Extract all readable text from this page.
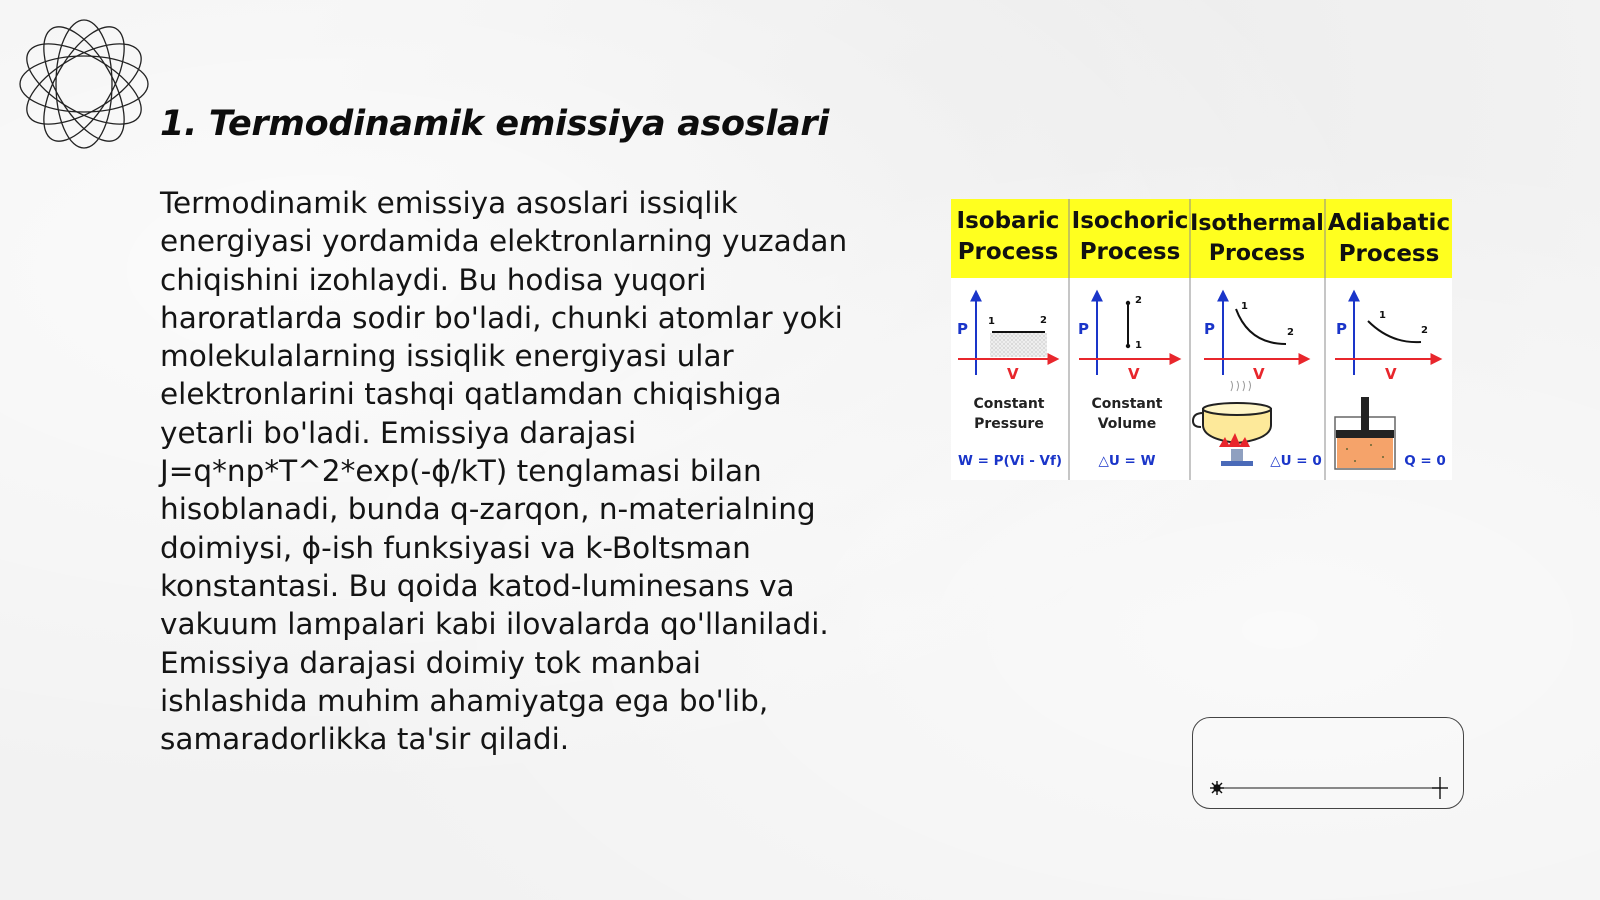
1. Termodinamik emissiya asoslari

Termodinamik emissiya asoslari issiqlik energiyasi yordamida elektronlarning yuzadan chiqishini izohlaydi. Bu hodisa yuqori haroratlarda sodir bo'ladi, chunki atomlar yoki molekulalarning issiqlik energiyasi ular elektronlarini tashqi qatlamdan chiqishiga yetarli bo'ladi. Emissiya darajasi J=q*np*T^2*exp(-ϕ/kT) tenglamasi bilan hisoblanadi, bunda q-zarqon, n-materialning doimiysi, ϕ-ish funksiyasi va k-Boltsman konstantasi. Bu qoida katod-luminesans va vakuum lampalari kabi ilovalarda qo'llaniladi. Emissiya darajasi doimiy tok manbai ishlashida muhim ahamiyatga ega bo'lib, samaradorlikka ta'sir qiladi.

Isobaric
Process
P
V
1	2
Constant
Pressure
W = P(Vi - Vf)
Isochoric
Process
P
V
2
1
Constant
Volume
△U = W
Isothermal
Process
P
V
1
2
△U = 0
Adiabatic
Process
P
V
1
2
Q = 0
